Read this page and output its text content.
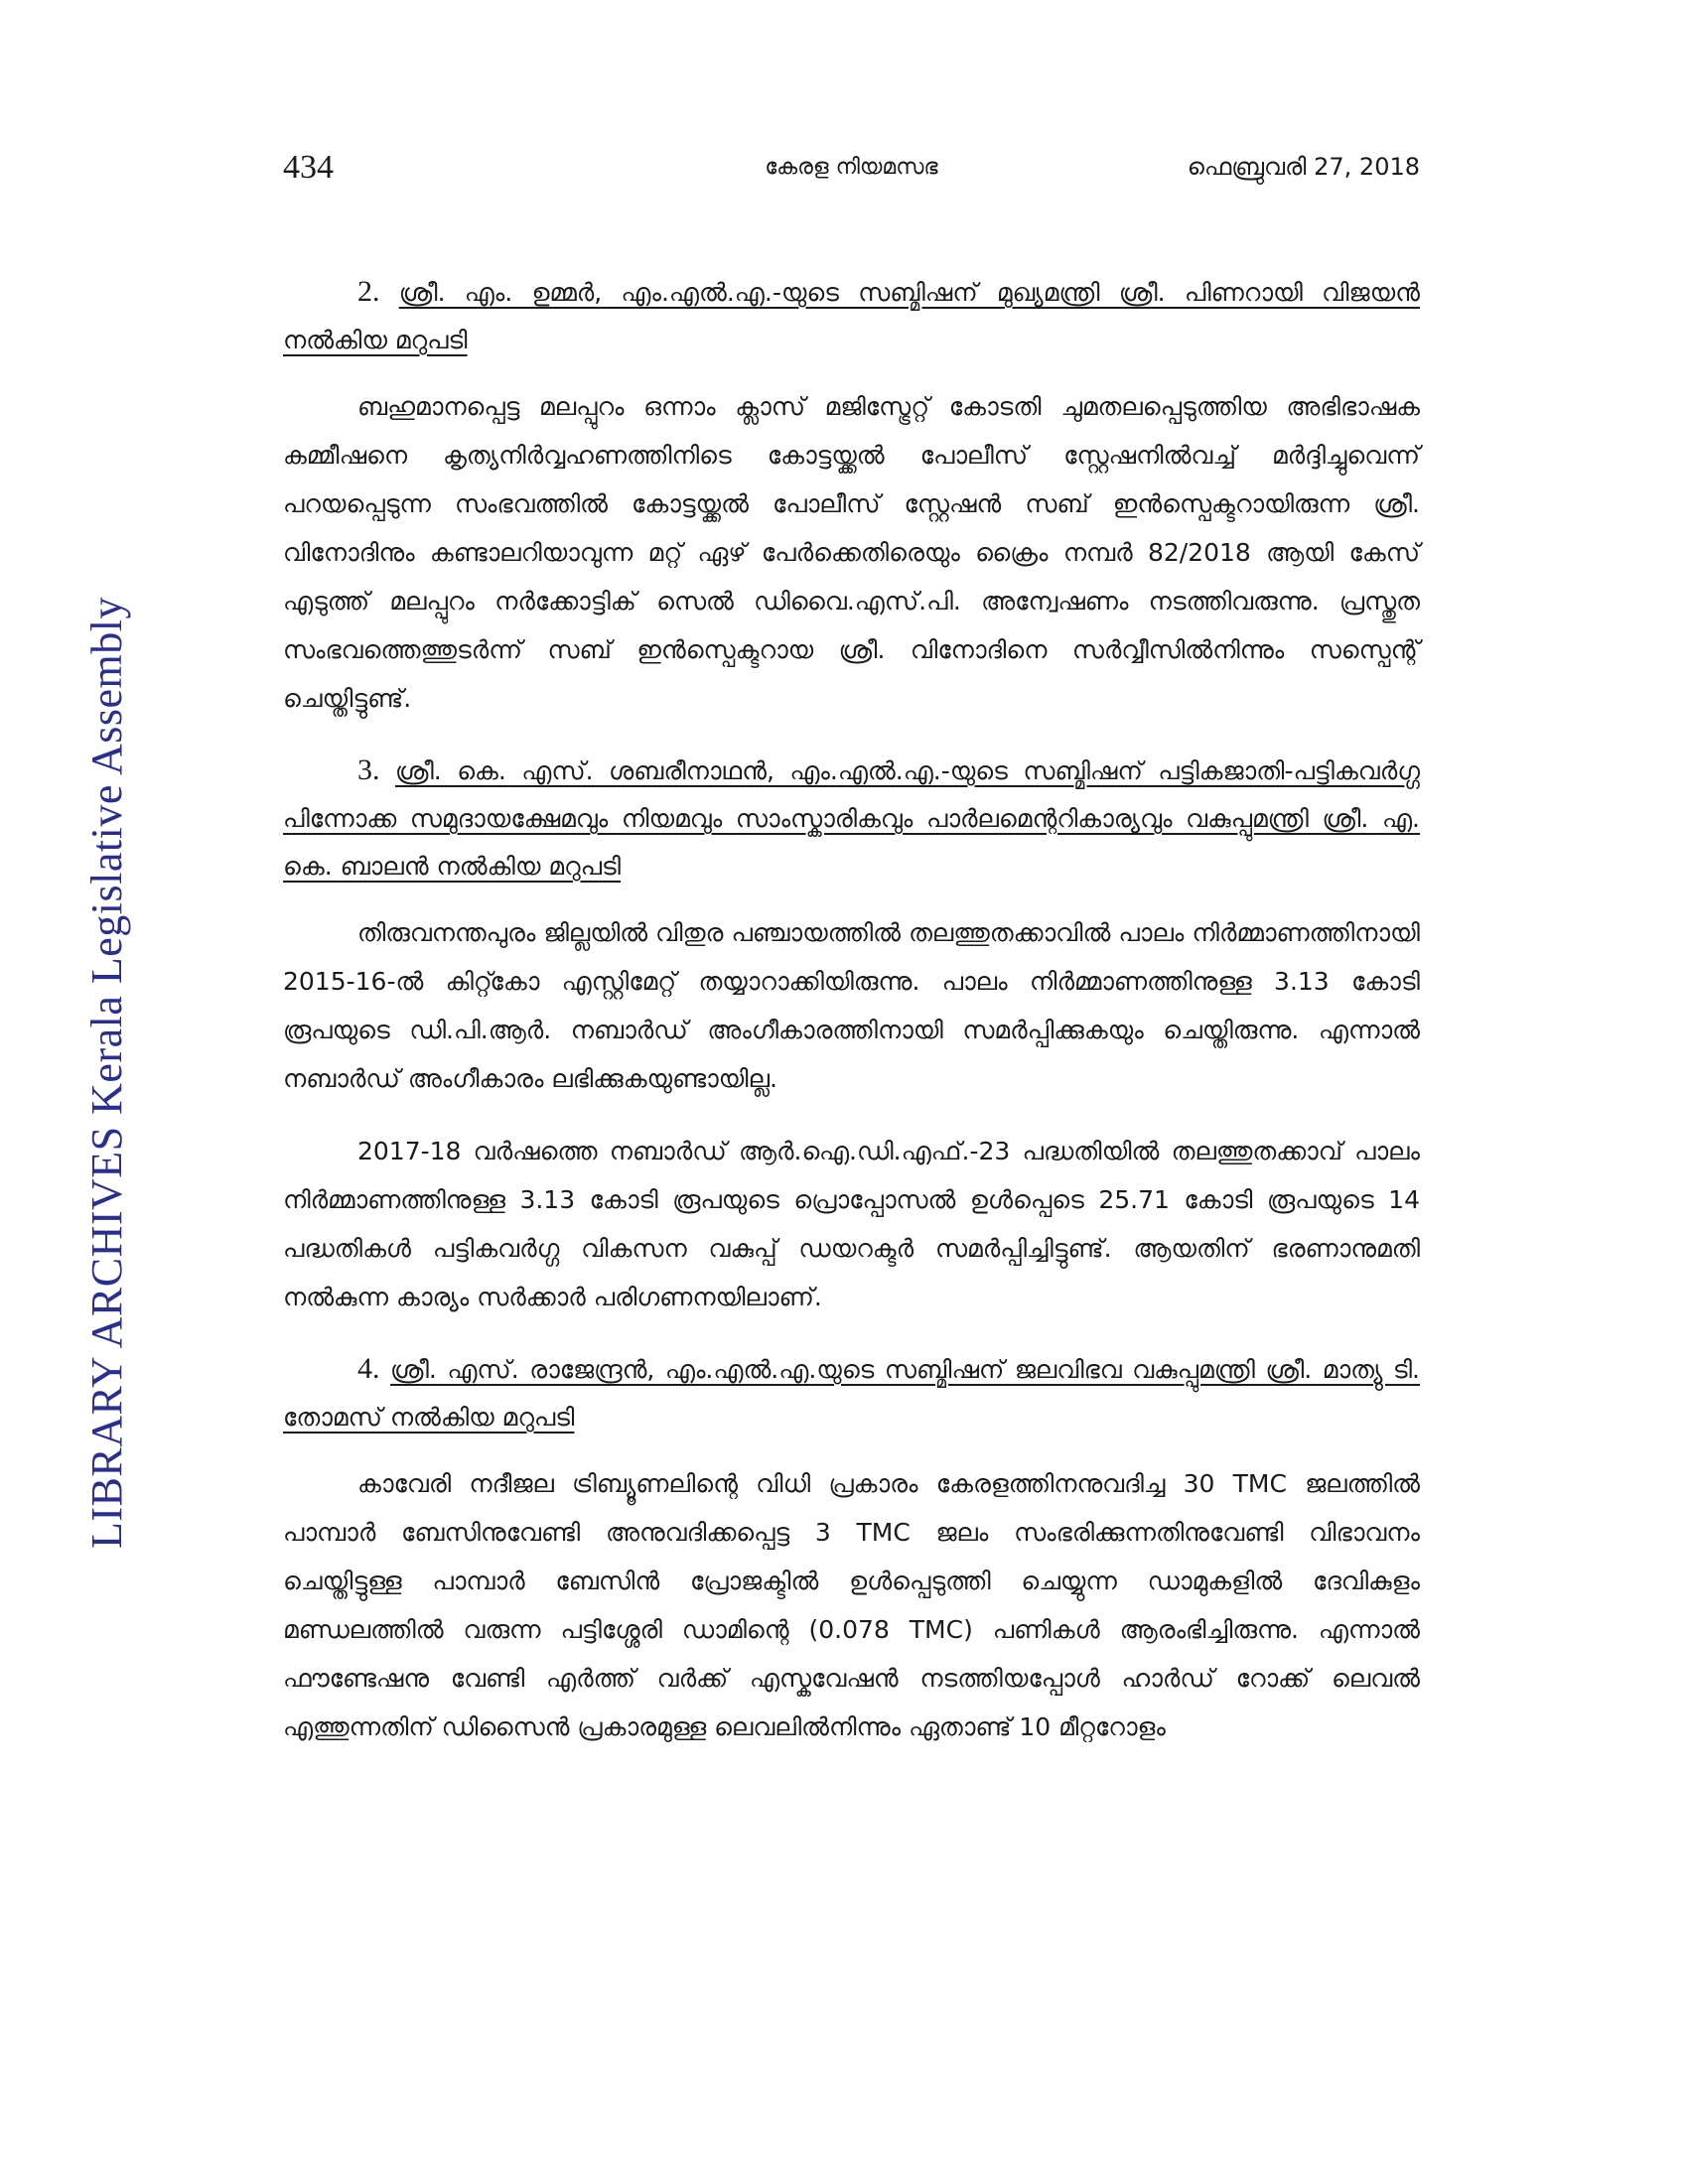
LIBRARY ARCHIVES Kerala Legislative Assembly
434	കേരള നിയമസഭ	ഫെബ്രുവരി 27, 2018
2. ശ്രീ. എം. ഉമ്മർ, എം.എൽ.എ.-യുടെ സബ്മിഷന് മുഖ്യമന്ത്രി ശ്രീ. പിണറായി വിജയൻ നൽകിയ മറുപടി

ബഹുമാനപ്പെട്ട മലപ്പുറം ഒന്നാം ക്ലാസ് മജിസ്ട്രേറ്റ് കോടതി ചുമതലപ്പെടുത്തിയ അഭിഭാഷക കമ്മീഷനെ കൃത്യനിർവ്വഹണത്തിനിടെ കോട്ടയ്ക്കൽ പോലീസ് സ്റ്റേഷനിൽവച്ച് മർദ്ദിച്ചുവെന്ന് പറയപ്പെടുന്ന സംഭവത്തിൽ കോട്ടയ്ക്കൽ പോലീസ് സ്റ്റേഷൻ സബ് ഇൻസ്പെക്ടറായിരുന്ന ശ്രീ. വിനോദിനും കണ്ടാലറിയാവുന്ന മറ്റ് ഏഴ് പേർക്കെതിരെയും ക്രൈം നമ്പർ 82/2018 ആയി കേസ് എടുത്ത് മലപ്പുറം നർക്കോട്ടിക് സെൽ ഡിവൈ.എസ്.പി. അന്വേഷണം നടത്തിവരുന്നു. പ്രസ്തുത സംഭവത്തെത്തുടർന്ന് സബ് ഇൻസ്പെക്ടറായ ശ്രീ. വിനോദിനെ സർവ്വീസിൽനിന്നും സസ്പെന്റ് ചെയ്തിട്ടുണ്ട്.

3. ശ്രീ. കെ. എസ്. ശബരീനാഥൻ, എം.എൽ.എ.-യുടെ സബ്മിഷന് പട്ടികജാതി-പട്ടികവർഗ്ഗ പിന്നോക്ക സമുദായക്ഷേമവും നിയമവും സാംസ്കാരികവും പാർലമെന്ററികാര്യവും വകുപ്പുമന്ത്രി ശ്രീ. എ. കെ. ബാലൻ നൽകിയ മറുപടി

തിരുവനന്തപുരം ജില്ലയിൽ വിതുര പഞ്ചായത്തിൽ തലത്തുതക്കാവിൽ പാലം നിർമ്മാണത്തിനായി 2015-16-ൽ കിറ്റ്കോ എസ്റ്റിമേറ്റ് തയ്യാറാക്കിയിരുന്നു. പാലം നിർമ്മാണത്തിനുള്ള 3.13 കോടി രൂപയുടെ ഡി.പി.ആർ. നബാർഡ് അംഗീകാരത്തിനായി സമർപ്പിക്കുകയും ചെയ്തിരുന്നു. എന്നാൽ നബാർഡ് അംഗീകാരം ലഭിക്കുകയുണ്ടായില്ല.

2017-18 വർഷത്തെ നബാർഡ് ആർ.ഐ.ഡി.എഫ്.-23 പദ്ധതിയിൽ തലത്തുതക്കാവ് പാലം നിർമ്മാണത്തിനുള്ള 3.13 കോടി രൂപയുടെ പ്രൊപ്പോസൽ ഉൾപ്പെടെ 25.71 കോടി രൂപയുടെ 14 പദ്ധതികൾ പട്ടികവർഗ്ഗ വികസന വകുപ്പ് ഡയറക്ടർ സമർപ്പിച്ചിട്ടുണ്ട്. ആയതിന് ഭരണാനുമതി നൽകുന്ന കാര്യം സർക്കാർ പരിഗണനയിലാണ്.

4. ശ്രീ. എസ്. രാജേന്ദ്രൻ, എം.എൽ.എ.യുടെ സബ്മിഷന് ജലവിഭവ വകുപ്പുമന്ത്രി ശ്രീ. മാത്യു ടി. തോമസ് നൽകിയ മറുപടി

കാവേരി നദീജല ട്രിബ്യൂണലിന്റെ വിധി പ്രകാരം കേരളത്തിനനുവദിച്ച 30 TMC ജലത്തിൽ പാമ്പാർ ബേസിനുവേണ്ടി അനുവദിക്കപ്പെട്ട 3 TMC ജലം സംഭരിക്കുന്നതിനുവേണ്ടി വിഭാവനം ചെയ്തിട്ടുള്ള പാമ്പാർ ബേസിൻ പ്രോജക്ടിൽ ഉൾപ്പെടുത്തി ചെയ്യുന്ന ഡാമുകളിൽ ദേവികുളം മണ്ഡലത്തിൽ വരുന്ന പട്ടിശ്ശേരി ഡാമിന്റെ (0.078 TMC) പണികൾ ആരംഭിച്ചിരുന്നു. എന്നാൽ ഫൗണ്ടേഷനു വേണ്ടി എർത്ത് വർക്ക് എസ്കവേഷൻ നടത്തിയപ്പോൾ ഹാർഡ് റോക്ക് ലെവൽ എത്തുന്നതിന് ഡിസൈൻ പ്രകാരമുള്ള ലെവലിൽനിന്നും ഏതാണ്ട് 10 മീറ്ററോളം
